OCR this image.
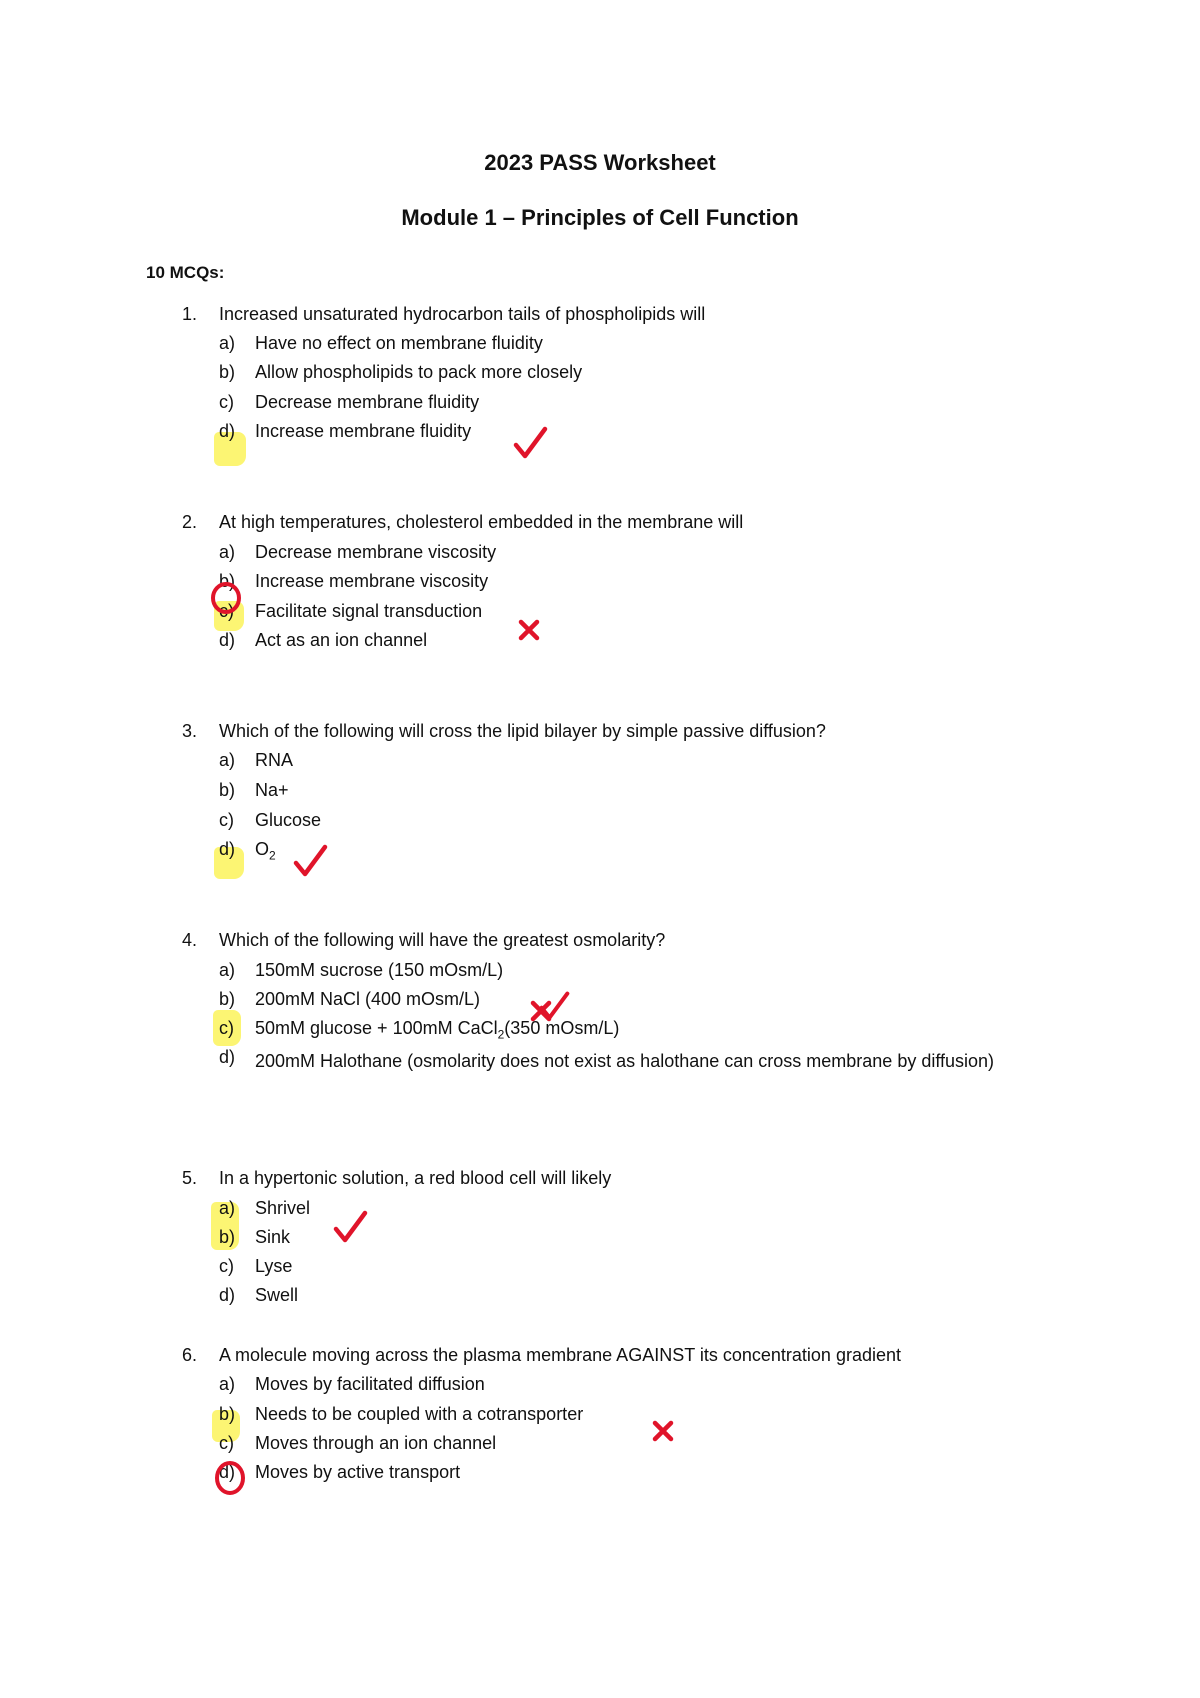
2023 PASS Worksheet
Module 1 – Principles of Cell Function
10 MCQs:
1. Increased unsaturated hydrocarbon tails of phospholipids will
a) Have no effect on membrane fluidity
b) Allow phospholipids to pack more closely
c) Decrease membrane fluidity
d) Increase membrane fluidity
2. At high temperatures, cholesterol embedded in the membrane will
a) Decrease membrane viscosity
b) Increase membrane viscosity
c) Facilitate signal transduction
d) Act as an ion channel
3. Which of the following will cross the lipid bilayer by simple passive diffusion?
a) RNA
b) Na+
c) Glucose
d) $O_2$
4. Which of the following will have the greatest osmolarity?
a) 150mM sucrose (150 mOsm/L)
b) 200mM NaCl (400 mOsm/L)
c) 50mM glucose + 100mM CaCl$_2$(350 mOsm/L)
d) 200mM Halothane (osmolarity does not exist as halothane can cross membrane by diffusion)
5. In a hypertonic solution, a red blood cell will likely
a) Shrivel
b) Sink
c) Lyse
d) Swell
6. A molecule moving across the plasma membrane AGAINST its concentration gradient
a) Moves by facilitated diffusion
b) Needs to be coupled with a cotransporter
c) Moves through an ion channel
d) Moves by active transport
